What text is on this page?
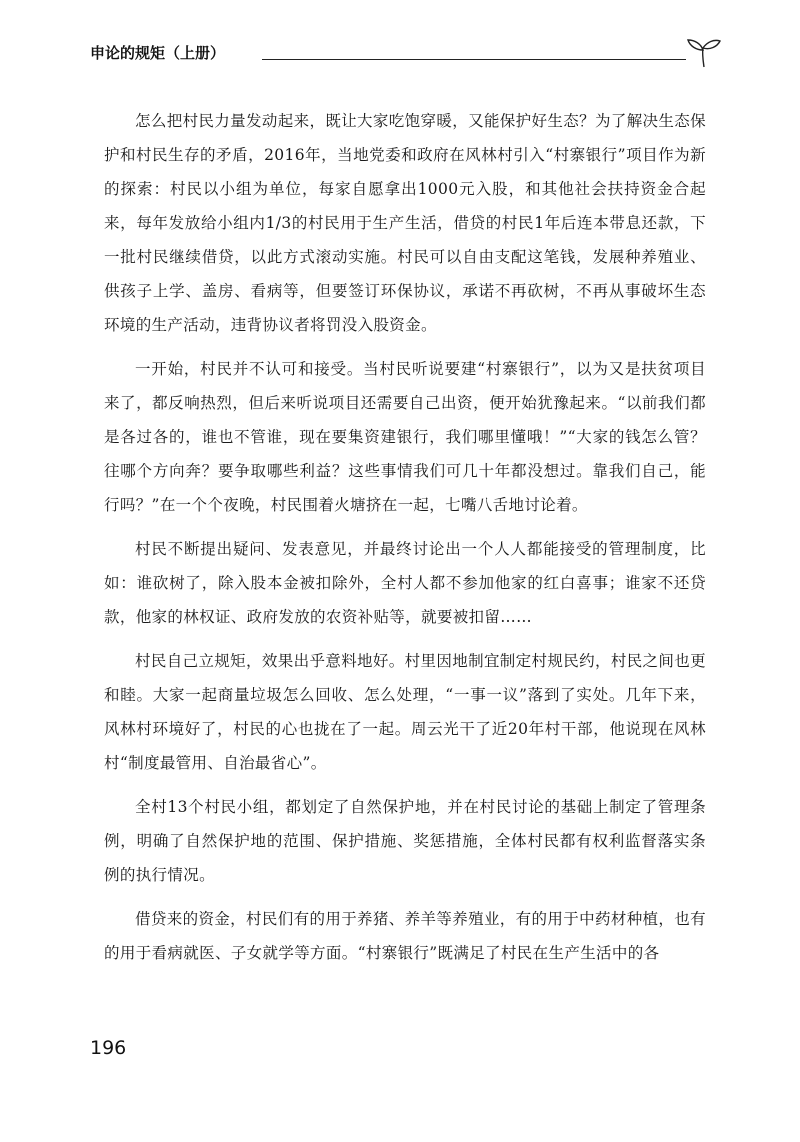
申论的规矩（上册）

怎么把村民力量发动起来，既让大家吃饱穿暖，又能保护好生态？为了解决生态保护和村民生存的矛盾，2016年，当地党委和政府在风林村引入“村寨银行”项目作为新的探索：村民以小组为单位，每家自愿拿出1000元入股，和其他社会扶持资金合起来，每年发放给小组内1/3的村民用于生产生活，借贷的村民1年后连本带息还款，下一批村民继续借贷，以此方式滚动实施。村民可以自由支配这笔钱，发展种养殖业、供孩子上学、盖房、看病等，但要签订环保协议，承诺不再砍树，不再从事破坏生态环境的生产活动，违背协议者将罚没入股资金。

一开始，村民并不认可和接受。当村民听说要建“村寨银行”，以为又是扶贫项目来了，都反响热烈，但后来听说项目还需要自己出资，便开始犹豫起来。“以前我们都是各过各的，谁也不管谁，现在要集资建银行，我们哪里懂哦！”“大家的钱怎么管？往哪个方向奔？要争取哪些利益？这些事情我们可几十年都没想过。靠我们自己，能行吗？”在一个个夜晚，村民围着火塘挤在一起，七嘴八舌地讨论着。

村民不断提出疑问、发表意见，并最终讨论出一个人人都能接受的管理制度，比如：谁砍树了，除入股本金被扣除外，全村人都不参加他家的红白喜事；谁家不还贷款，他家的林权证、政府发放的农资补贴等，就要被扣留……

村民自己立规矩，效果出乎意料地好。村里因地制宜制定村规民约，村民之间也更和睦。大家一起商量垃圾怎么回收、怎么处理，“一事一议”落到了实处。几年下来，风林村环境好了，村民的心也拢在了一起。周云光干了近20年村干部，他说现在风林村“制度最管用、自治最省心”。

全村13个村民小组，都划定了自然保护地，并在村民讨论的基础上制定了管理条例，明确了自然保护地的范围、保护措施、奖惩措施，全体村民都有权利监督落实条例的执行情况。

借贷来的资金，村民们有的用于养猪、养羊等养殖业，有的用于中药材种植，也有的用于看病就医、子女就学等方面。“村寨银行”既满足了村民在生产生活中的各

196
